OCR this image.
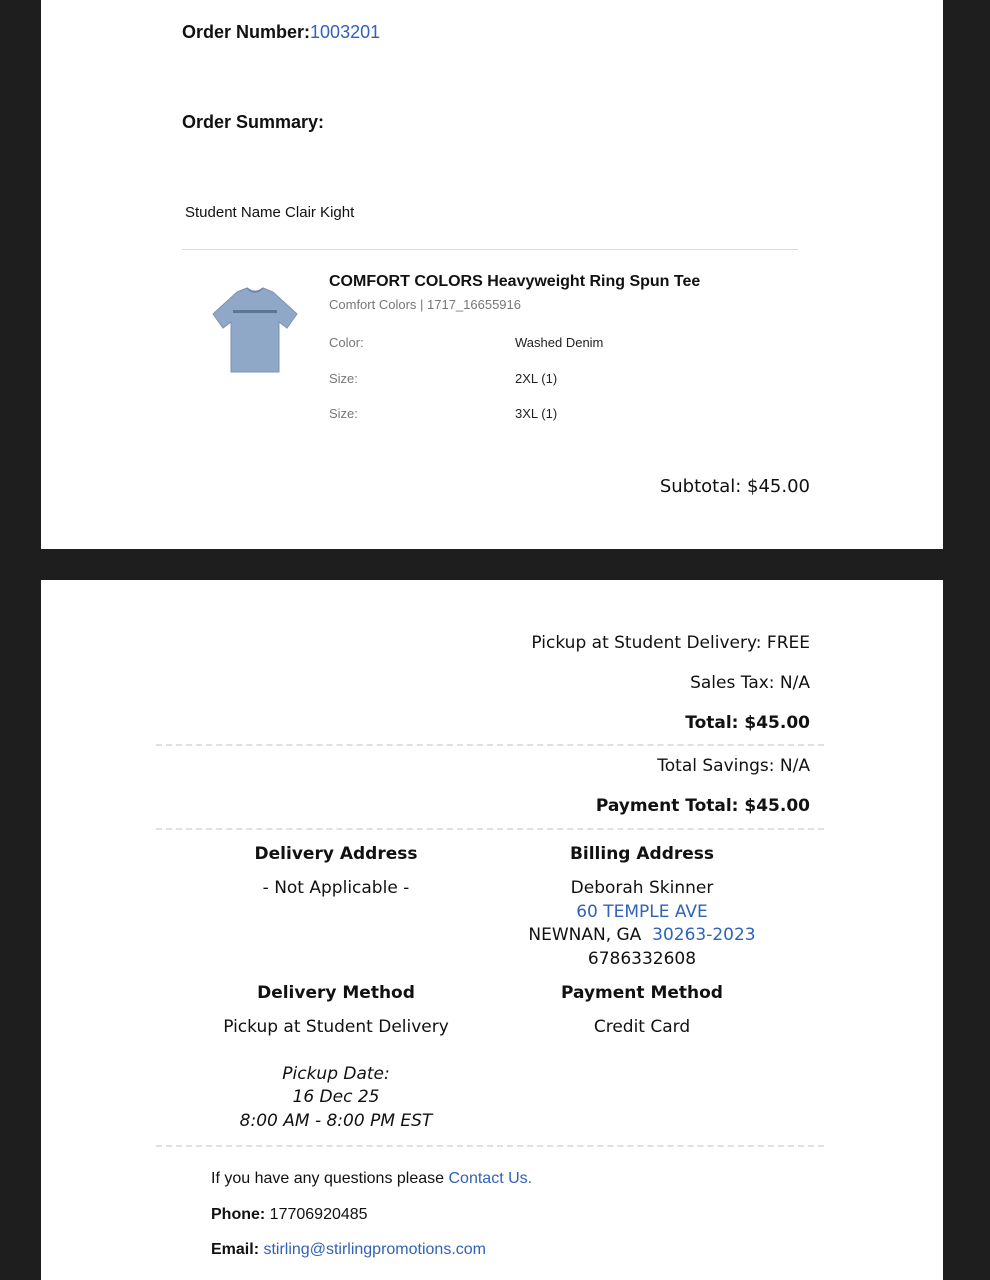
Order Number:1003201
Order Summary:
Student Name Clair Kight
COMFORT COLORS Heavyweight Ring Spun Tee
Comfort Colors | 1717_16655916
Color:	Washed Denim
Size:	2XL (1)
Size:	3XL (1)
Subtotal: $45.00
Pickup at Student Delivery: FREE
Sales Tax: N/A
Total: $45.00
Total Savings: N/A
Payment Total: $45.00
Delivery Address
- Not Applicable -
Billing Address
Deborah Skinner
60 TEMPLE AVE
NEWNAN, GA 30263-2023
6786332608
Delivery Method
Pickup at Student Delivery
Payment Method
Credit Card
Pickup Date:
16 Dec 25
8:00 AM - 8:00 PM EST
If you have any questions please Contact Us.
Phone: 17706920485
Email: stirling@stirlingpromotions.com
